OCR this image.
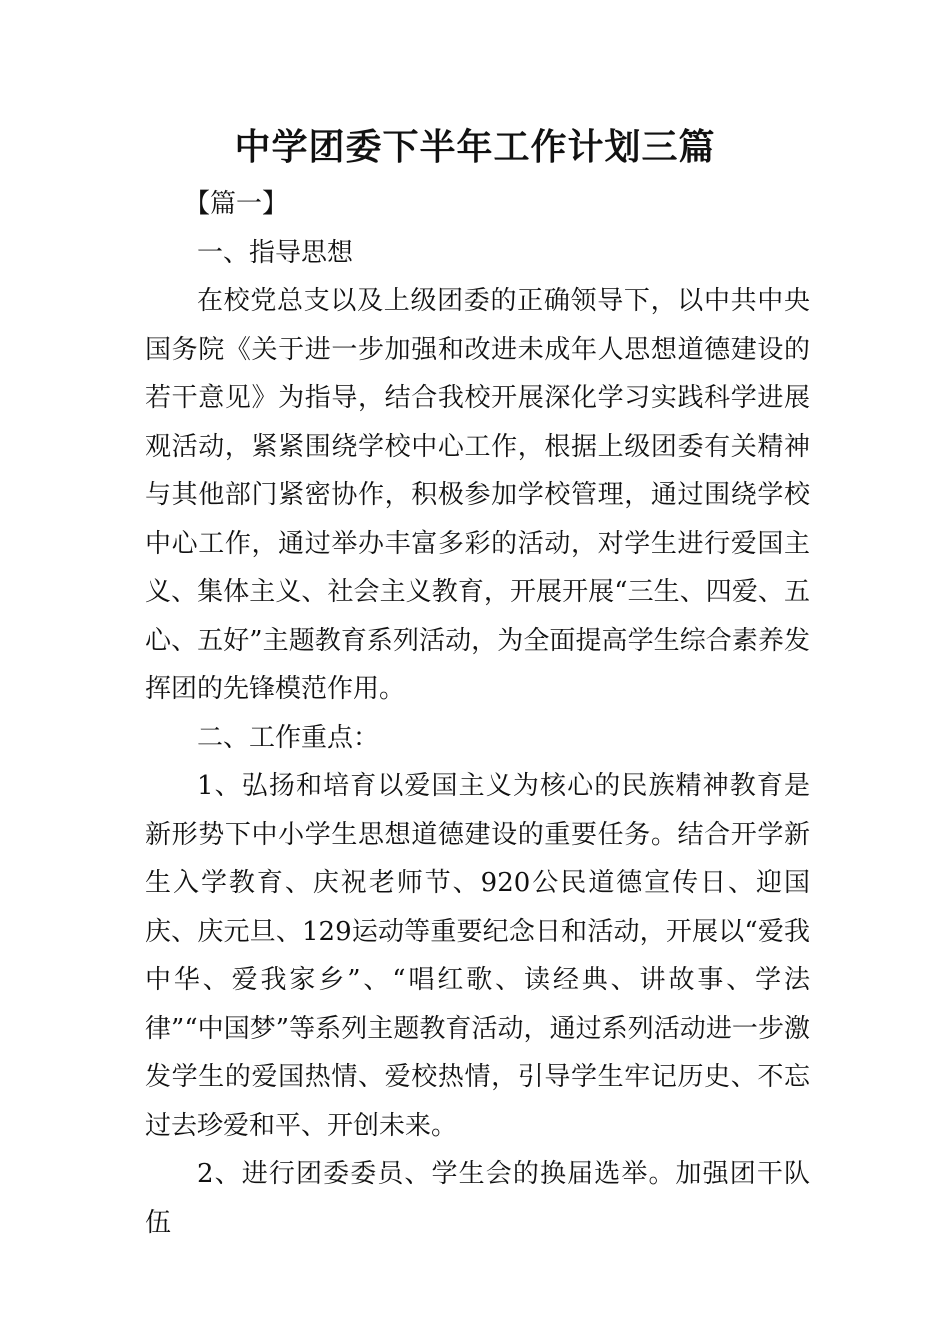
中学团委下半年工作计划三篇

【篇一】

一、指导思想

在校党总支以及上级团委的正确领导下，以中共中央国务院《关于进一步加强和改进未成年人思想道德建设的若干意见》为指导，结合我校开展深化学习实践科学进展观活动，紧紧围绕学校中心工作，根据上级团委有关精神与其他部门紧密协作，积极参加学校管理，通过围绕学校中心工作，通过举办丰富多彩的活动，对学生进行爱国主义、集体主义、社会主义教育，开展开展“三生、四爱、五心、五好”主题教育系列活动，为全面提高学生综合素养发挥团的先锋模范作用。

二、工作重点：

1、弘扬和培育以爱国主义为核心的民族精神教育是新形势下中小学生思想道德建设的重要任务。结合开学新生入学教育、庆祝老师节、920公民道德宣传日、迎国庆、庆元旦、129运动等重要纪念日和活动，开展以“爱我中华、爱我家乡”、“唱红歌、读经典、讲故事、学法律”“中国梦”等系列主题教育活动，通过系列活动进一步激发学生的爱国热情、爱校热情，引导学生牢记历史、不忘过去珍爱和平、开创未来。

2、进行团委委员、学生会的换届选举。加强团干队伍
